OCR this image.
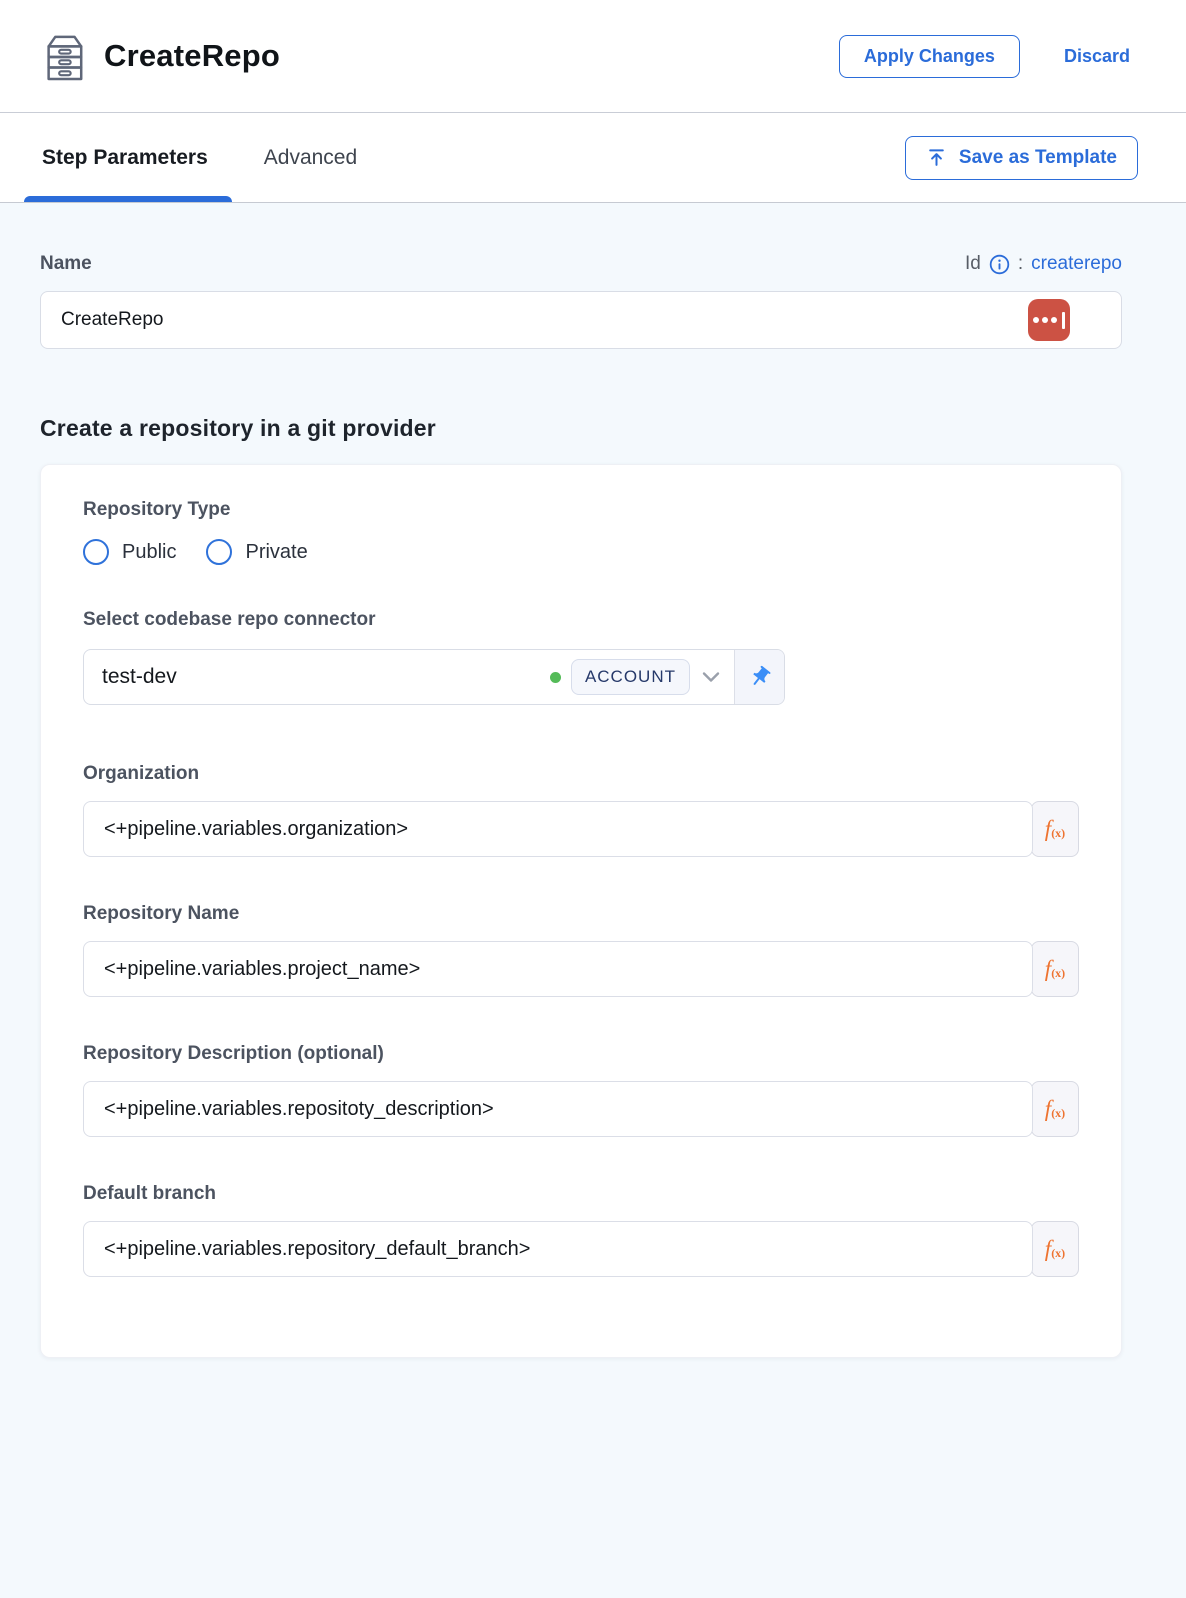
CreateRepo	Apply Changes	Discard
Step Parameters	Advanced	Save as Template
Name	Id : createrepo
CreateRepo
Create a repository in a git provider
Repository Type
Public	Private
Select codebase repo connector
test-dev	ACCOUNT
Organization
<+pipeline.variables.organization>
f (x)
Repository Name
<+pipeline.variables.project_name>
f (x)
Repository Description (optional)
<+pipeline.variables.repositoty_description>
f (x)
Default branch
<+pipeline.variables.repository_default_branch>
f (x)
